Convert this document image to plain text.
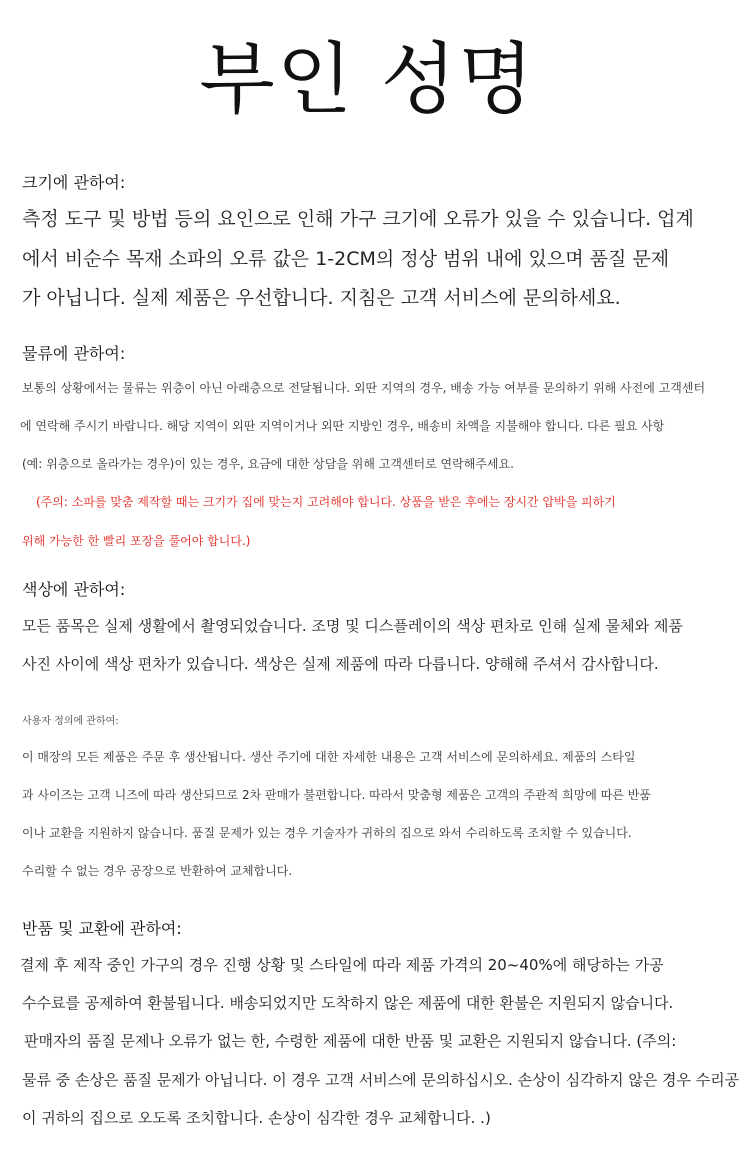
부인 성명
크기에 관하여:
측정 도구 및 방법 등의 요인으로 인해 가구 크기에 오류가 있을 수 있습니다. 업계
에서 비순수 목재 소파의 오류 값은 1-2CM의 정상 범위 내에 있으며 품질 문제
가 아닙니다. 실제 제품은 우선합니다. 지침은 고객 서비스에 문의하세요.
물류에 관하여:
보통의 상황에서는 물류는 위층이 아닌 아래층으로 전달됩니다. 외딴 지역의 경우, 배송 가능 여부를 문의하기 위해 사전에 고객센터
에 연락해 주시기 바랍니다. 해당 지역이 외딴 지역이거나 외딴 지방인 경우, 배송비 차액을 지불해야 합니다. 다른 필요 사항
(예: 위층으로 올라가는 경우)이 있는 경우, 요금에 대한 상담을 위해 고객센터로 연락해주세요.
(주의: 소파를 맞춤 제작할 때는 크기가 집에 맞는지 고려해야 합니다. 상품을 받은 후에는 장시간 압박을 피하기
위해 가능한 한 빨리 포장을 풀어야 합니다.)
색상에 관하여:
모든 품목은 실제 생활에서 촬영되었습니다. 조명 및 디스플레이의 색상 편차로 인해 실제 물체와 제품
사진 사이에 색상 편차가 있습니다. 색상은 실제 제품에 따라 다릅니다. 양해해 주셔서 감사합니다.
사용자 정의에 관하여:
이 매장의 모든 제품은 주문 후 생산됩니다. 생산 주기에 대한 자세한 내용은 고객 서비스에 문의하세요. 제품의 스타일
과 사이즈는 고객 니즈에 따라 생산되므로 2차 판매가 불편합니다. 따라서 맞춤형 제품은 고객의 주관적 희망에 따른 반품
이나 교환을 지원하지 않습니다. 품질 문제가 있는 경우 기술자가 귀하의 집으로 와서 수리하도록 조치할 수 있습니다.
수리할 수 없는 경우 공장으로 반환하여 교체합니다.
반품 및 교환에 관하여:
결제 후 제작 중인 가구의 경우 진행 상황 및 스타일에 따라 제품 가격의 20~40%에 해당하는 가공
수수료를 공제하여 환불됩니다. 배송되었지만 도착하지 않은 제품에 대한 환불은 지원되지 않습니다.
판매자의 품질 문제나 오류가 없는 한, 수령한 제품에 대한 반품 및 교환은 지원되지 않습니다. (주의:
물류 중 손상은 품질 문제가 아닙니다. 이 경우 고객 서비스에 문의하십시오. 손상이 심각하지 않은 경우 수리공
이 귀하의 집으로 오도록 조치합니다. 손상이 심각한 경우 교체합니다. .)
